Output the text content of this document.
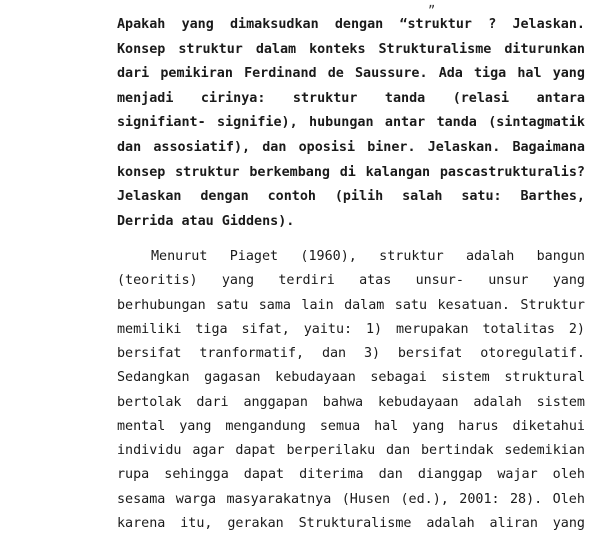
„
Apakah yang dimaksudkan dengan “struktur ? Jelaskan.
Konsep struktur dalam konteks Strukturalisme diturunkan
dari pemikiran Ferdinand de Saussure. Ada tiga hal yang
menjadi cirinya: struktur tanda (relasi antara
signifiant- signifie), hubungan antar tanda (sintagmatik
dan assosiatif), dan oposisi biner. Jelaskan. Bagaimana
konsep struktur berkembang di kalangan pascastrukturalis?
Jelaskan dengan contoh (pilih salah satu: Barthes,
Derrida atau Giddens).
Menurut Piaget (1960), struktur adalah bangun
(teoritis) yang terdiri atas unsur- unsur yang
berhubungan satu sama lain dalam satu kesatuan. Struktur
memiliki tiga sifat, yaitu: 1) merupakan totalitas 2)
bersifat tranformatif, dan 3) bersifat otoregulatif.
Sedangkan gagasan kebudayaan sebagai sistem struktural
bertolak dari anggapan bahwa kebudayaan adalah sistem
mental yang mengandung semua hal yang harus diketahui
individu agar dapat berperilaku dan bertindak sedemikian
rupa sehingga dapat diterima dan dianggap wajar oleh
sesama warga masyarakatnya (Husen (ed.), 2001: 28). Oleh
karena itu, gerakan Strukturalisme adalah aliran yang
